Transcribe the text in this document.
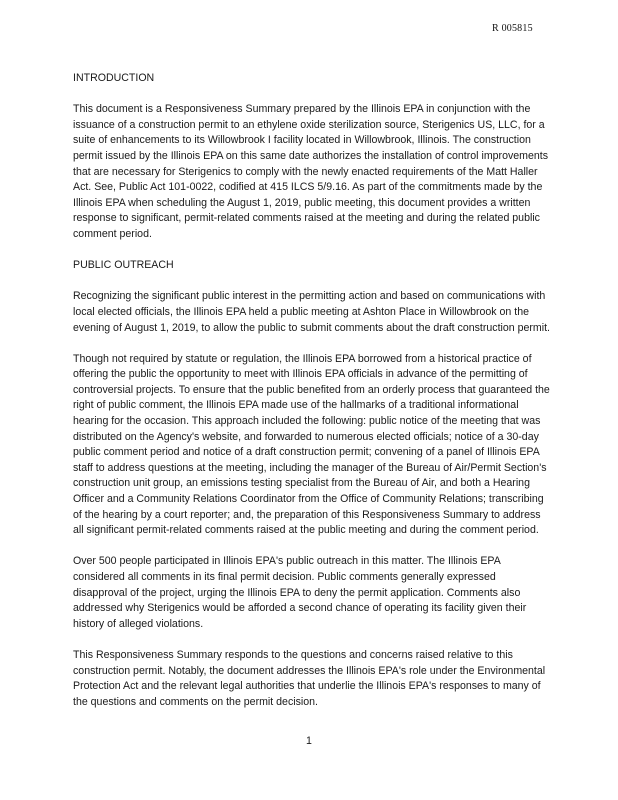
R 005815

INTRODUCTION

This document is a Responsiveness Summary prepared by the Illinois EPA in conjunction with the issuance of a construction permit to an ethylene oxide sterilization source, Sterigenics US, LLC, for a suite of enhancements to its Willowbrook I facility located in Willowbrook, Illinois. The construction permit issued by the Illinois EPA on this same date authorizes the installation of control improvements that are necessary for Sterigenics to comply with the newly enacted requirements of the Matt Haller Act. See, Public Act 101-0022, codified at 415 ILCS 5/9.16. As part of the commitments made by the Illinois EPA when scheduling the August 1, 2019, public meeting, this document provides a written response to significant, permit-related comments raised at the meeting and during the related public comment period.

PUBLIC OUTREACH

Recognizing the significant public interest in the permitting action and based on communications with local elected officials, the Illinois EPA held a public meeting at Ashton Place in Willowbrook on the evening of August 1, 2019, to allow the public to submit comments about the draft construction permit.

Though not required by statute or regulation, the Illinois EPA borrowed from a historical practice of offering the public the opportunity to meet with Illinois EPA officials in advance of the permitting of controversial projects. To ensure that the public benefited from an orderly process that guaranteed the right of public comment, the Illinois EPA made use of the hallmarks of a traditional informational hearing for the occasion. This approach included the following: public notice of the meeting that was distributed on the Agency's website, and forwarded to numerous elected officials; notice of a 30-day public comment period and notice of a draft construction permit; convening of a panel of Illinois EPA staff to address questions at the meeting, including the manager of the Bureau of Air/Permit Section's construction unit group, an emissions testing specialist from the Bureau of Air, and both a Hearing Officer and a Community Relations Coordinator from the Office of Community Relations; transcribing of the hearing by a court reporter; and, the preparation of this Responsiveness Summary to address all significant permit-related comments raised at the public meeting and during the comment period.

Over 500 people participated in Illinois EPA's public outreach in this matter. The Illinois EPA considered all comments in its final permit decision. Public comments generally expressed disapproval of the project, urging the Illinois EPA to deny the permit application. Comments also addressed why Sterigenics would be afforded a second chance of operating its facility given their history of alleged violations.

This Responsiveness Summary responds to the questions and concerns raised relative to this construction permit. Notably, the document addresses the Illinois EPA's role under the Environmental Protection Act and the relevant legal authorities that underlie the Illinois EPA's responses to many of the questions and comments on the permit decision.

1
